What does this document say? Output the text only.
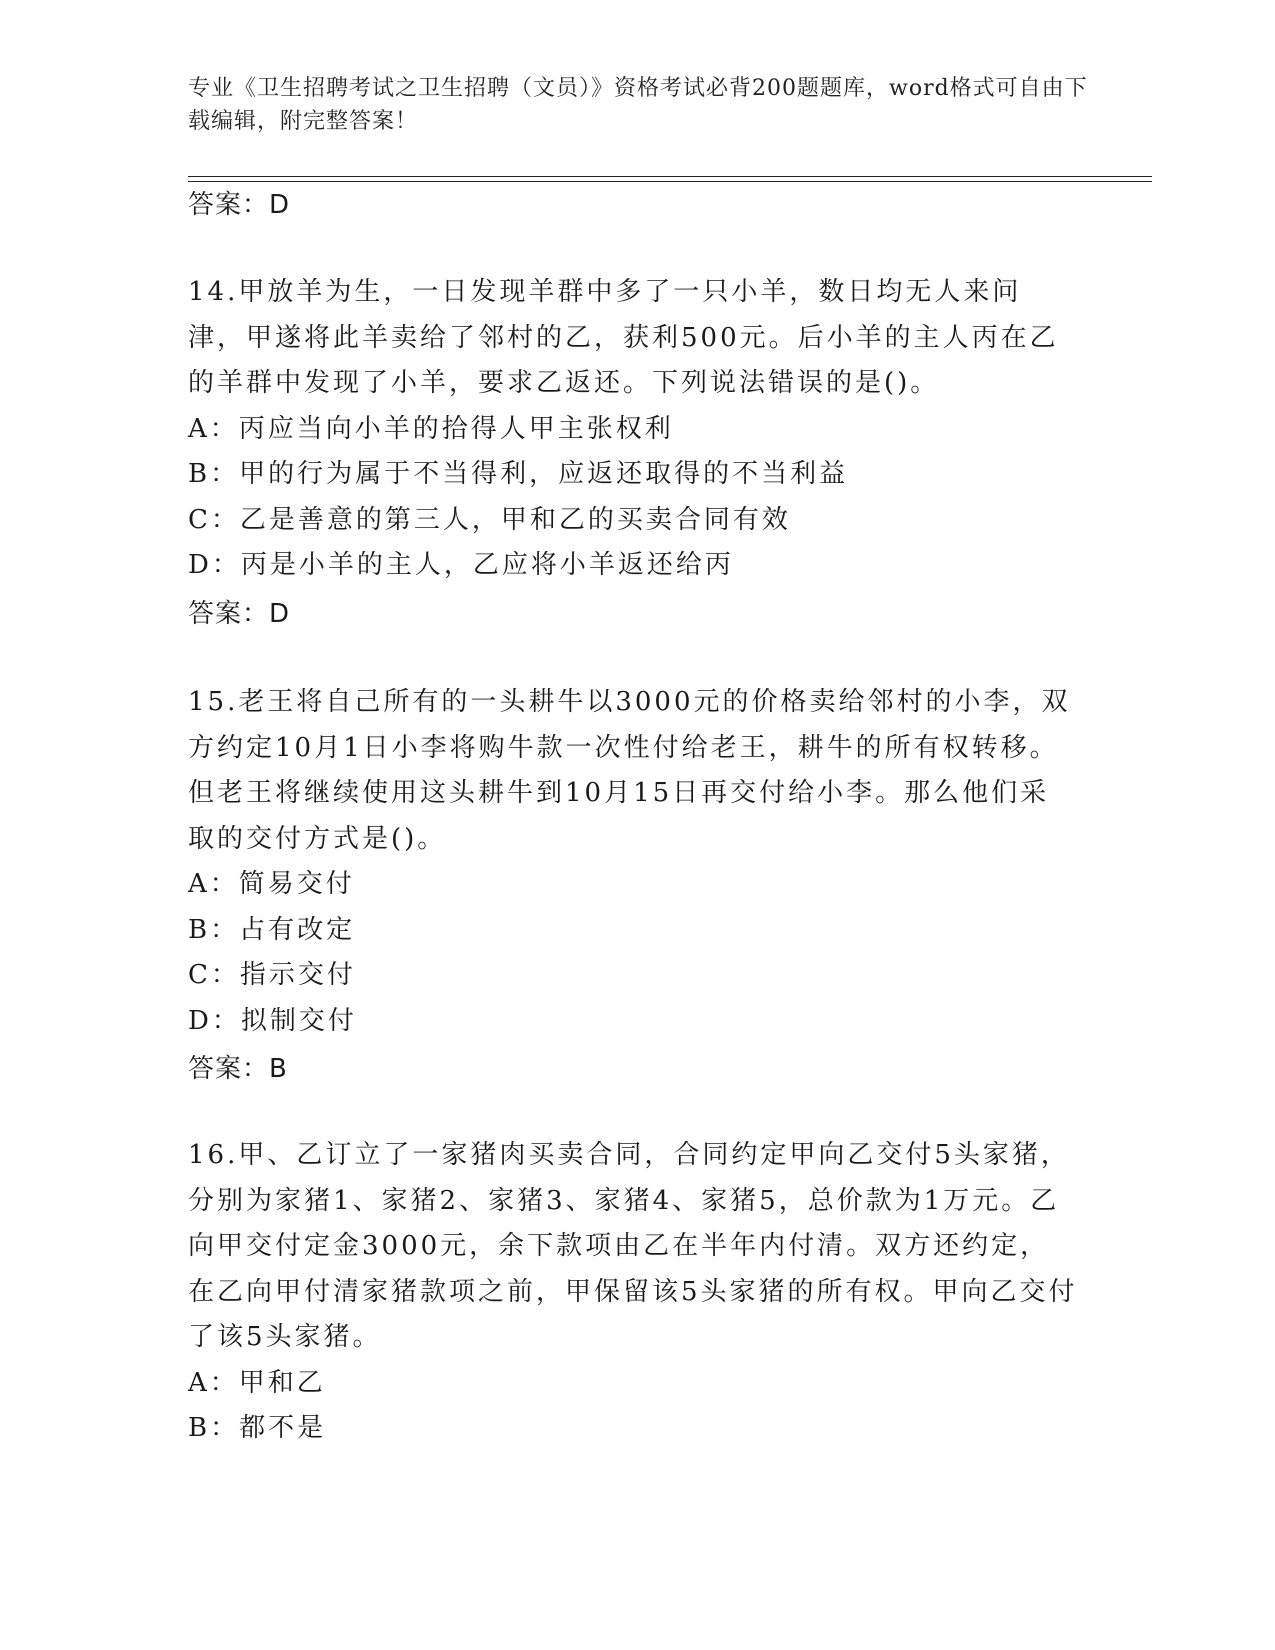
专业《卫生招聘考试之卫生招聘（文员）》资格考试必背200题题库，word格式可自由下载编辑，附完整答案！
答案：D

14.甲放羊为生，一日发现羊群中多了一只小羊，数日均无人来问津，甲遂将此羊卖给了邻村的乙，获利500元。后小羊的主人丙在乙的羊群中发现了小羊，要求乙返还。下列说法错误的是()。

A：丙应当向小羊的拾得人甲主张权利
B：甲的行为属于不当得利，应返还取得的不当利益
C：乙是善意的第三人，甲和乙的买卖合同有效
D：丙是小羊的主人，乙应将小羊返还给丙
答案：D

15.老王将自己所有的一头耕牛以3000元的价格卖给邻村的小李，双方约定10月1日小李将购牛款一次性付给老王，耕牛的所有权转移。但老王将继续使用这头耕牛到10月15日再交付给小李。那么他们采取的交付方式是()。

A：简易交付
B：占有改定
C：指示交付
D：拟制交付
答案：B

16.甲、乙订立了一家猪肉买卖合同，合同约定甲向乙交付5头家猪，分别为家猪1、家猪2、家猪3、家猪4、家猪5，总价款为1万元。乙向甲交付定金3000元，余下款项由乙在半年内付清。双方还约定，在乙向甲付清家猪款项之前，甲保留该5头家猪的所有权。甲向乙交付了该5头家猪。

A：甲和乙
B：都不是
